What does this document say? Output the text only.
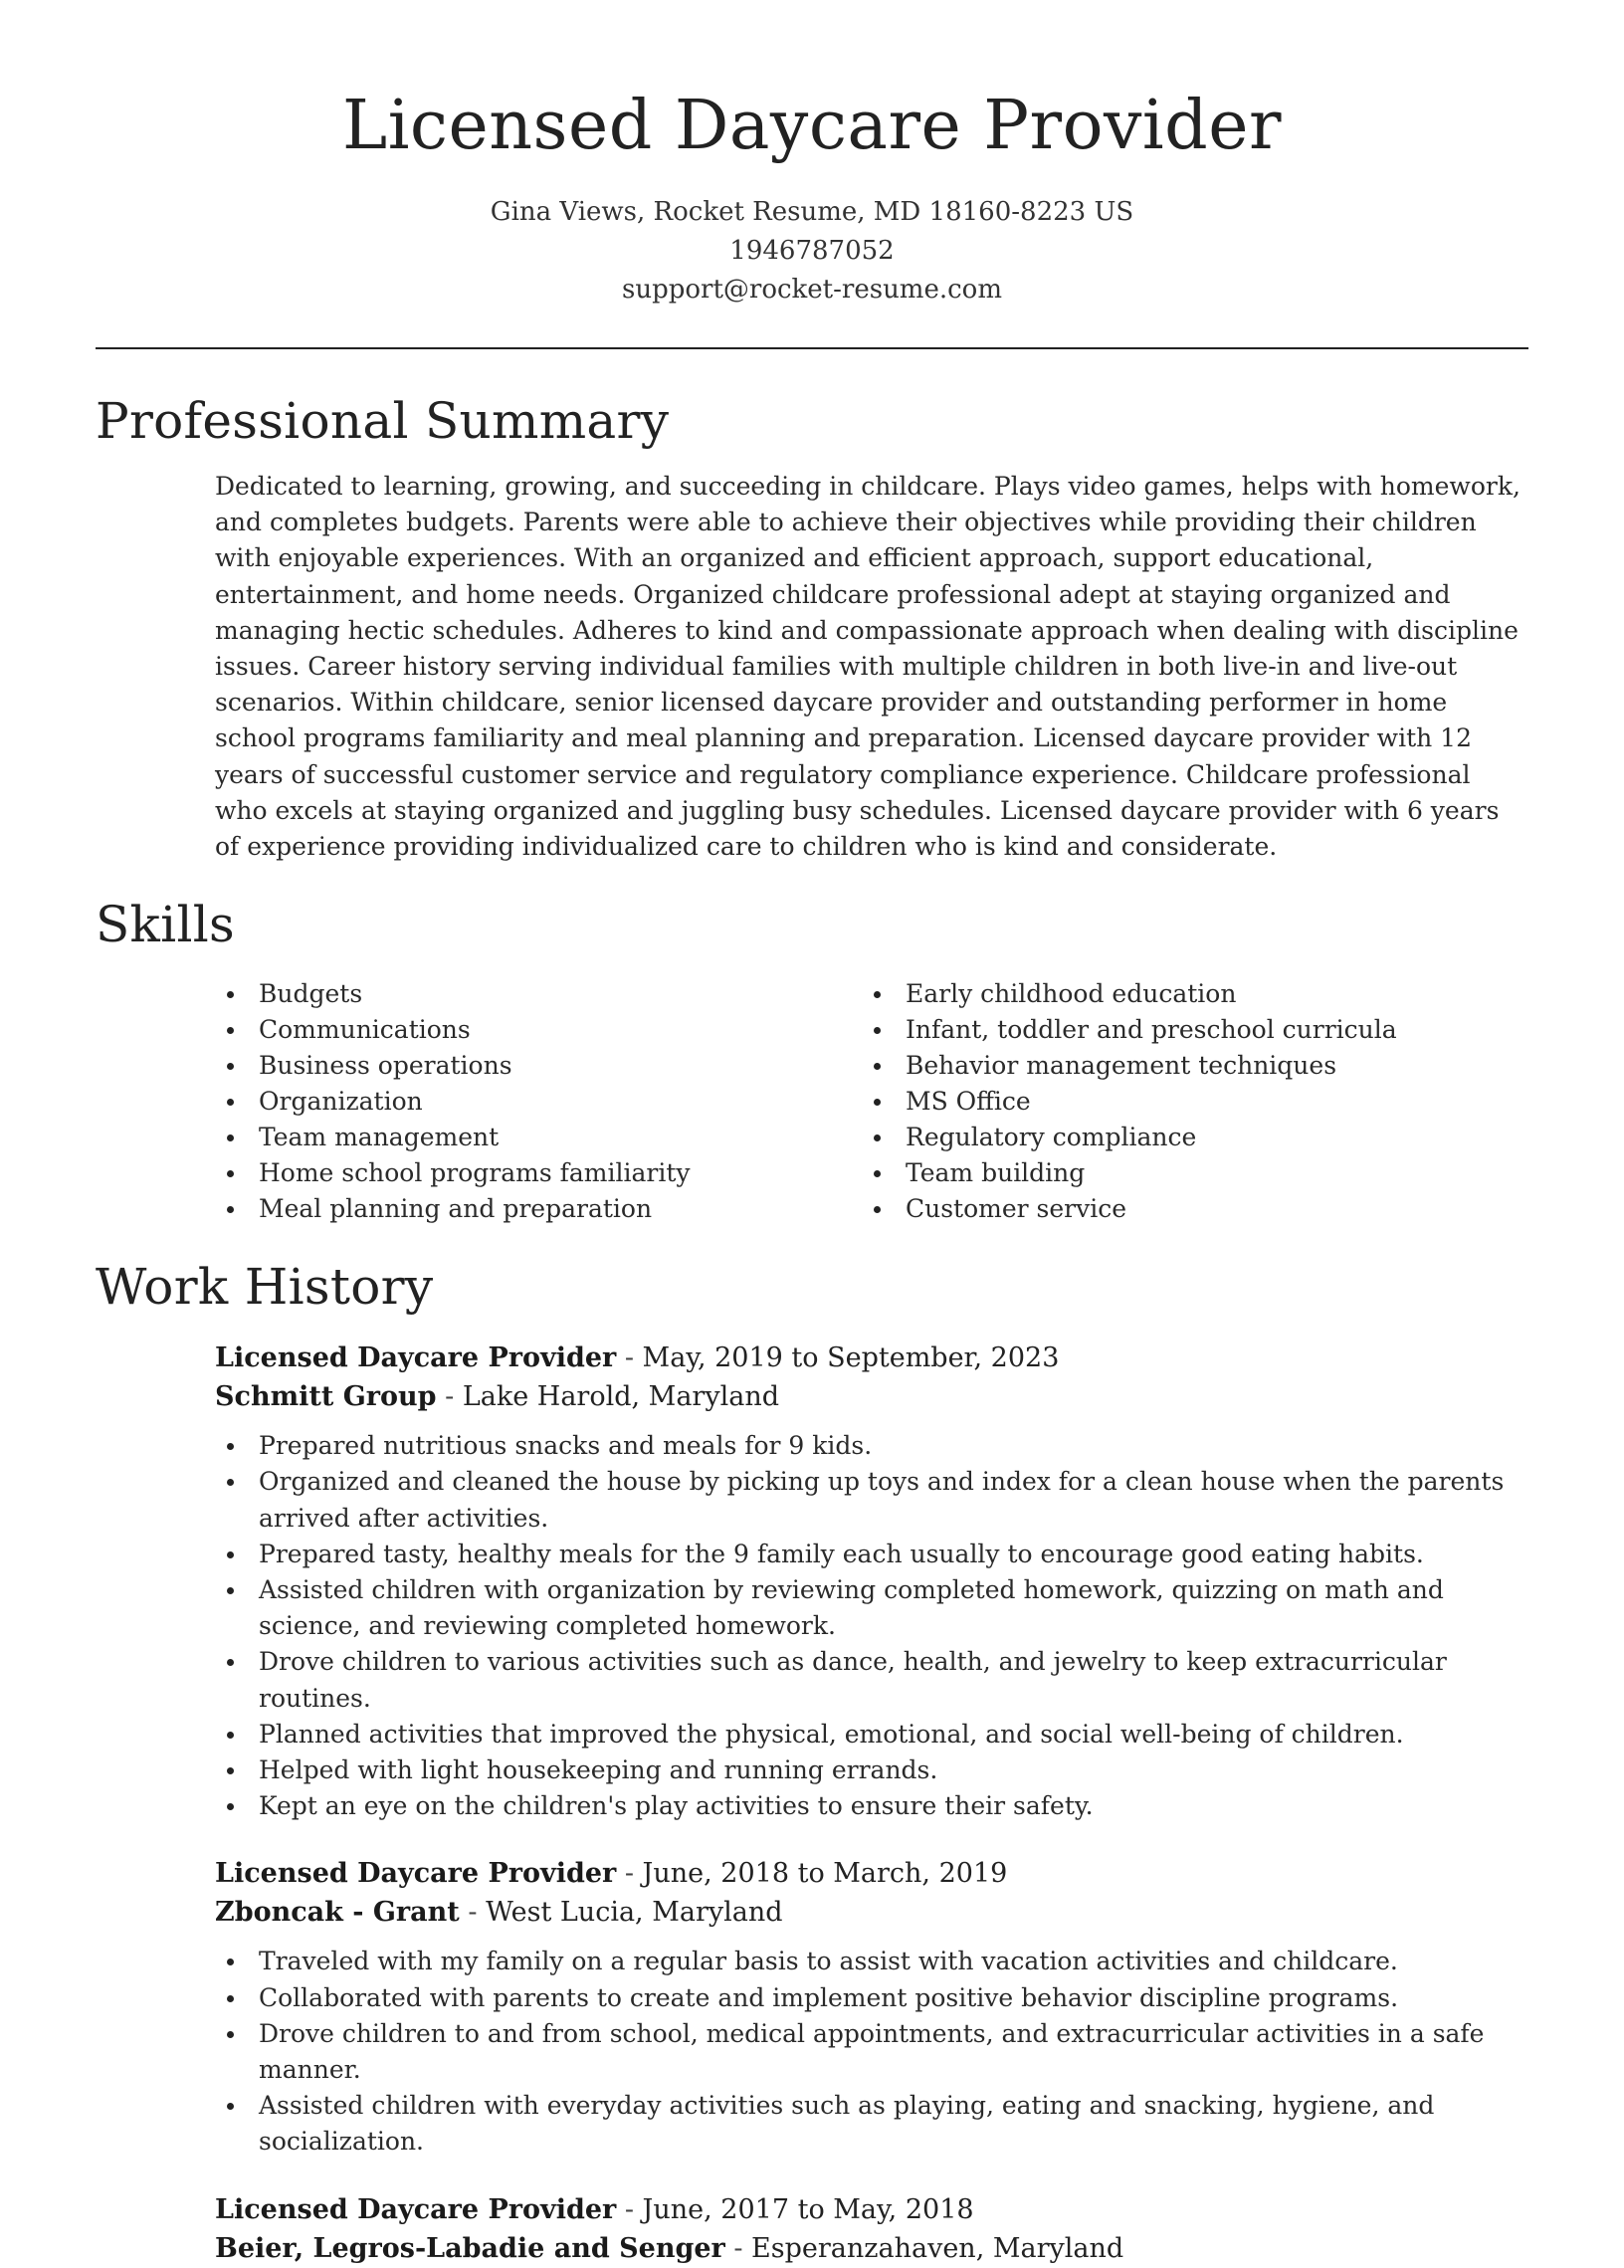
Licensed Daycare Provider
Gina Views, Rocket Resume, MD 18160-8223 US
1946787052
support@rocket-resume.com
Professional Summary

Dedicated to learning, growing, and succeeding in childcare. Plays video games, helps with homework, and completes budgets. Parents were able to achieve their objectives while providing their children with enjoyable experiences. With an organized and efficient approach, support educational, entertainment, and home needs. Organized childcare professional adept at staying organized and managing hectic schedules. Adheres to kind and compassionate approach when dealing with discipline issues. Career history serving individual families with multiple children in both live-in and live-out scenarios. Within childcare, senior licensed daycare provider and outstanding performer in home school programs familiarity and meal planning and preparation. Licensed daycare provider with 12 years of successful customer service and regulatory compliance experience. Childcare professional who excels at staying organized and juggling busy schedules. Licensed daycare provider with 6 years of experience providing individualized care to children who is kind and considerate.

Skills
Budgets
Communications
Business operations
Organization
Team management
Home school programs familiarity
Meal planning and preparation
Early childhood education
Infant, toddler and preschool curricula
Behavior management techniques
MS Office
Regulatory compliance
Team building
Customer service
Work History
Licensed Daycare Provider - May, 2019 to September, 2023
Schmitt Group - Lake Harold, Maryland
Prepared nutritious snacks and meals for 9 kids.
Organized and cleaned the house by picking up toys and index for a clean house when the parents arrived after activities.
Prepared tasty, healthy meals for the 9 family each usually to encourage good eating habits.
Assisted children with organization by reviewing completed homework, quizzing on math and science, and reviewing completed homework.
Drove children to various activities such as dance, health, and jewelry to keep extracurricular routines.
Planned activities that improved the physical, emotional, and social well-being of children.
Helped with light housekeeping and running errands.
Kept an eye on the children's play activities to ensure their safety.
Licensed Daycare Provider - June, 2018 to March, 2019
Zboncak - Grant - West Lucia, Maryland
Traveled with my family on a regular basis to assist with vacation activities and childcare.
Collaborated with parents to create and implement positive behavior discipline programs.
Drove children to and from school, medical appointments, and extracurricular activities in a safe manner.
Assisted children with everyday activities such as playing, eating and snacking, hygiene, and socialization.
Licensed Daycare Provider - June, 2017 to May, 2018
Beier, Legros-Labadie and Senger - Esperanzahaven, Maryland
